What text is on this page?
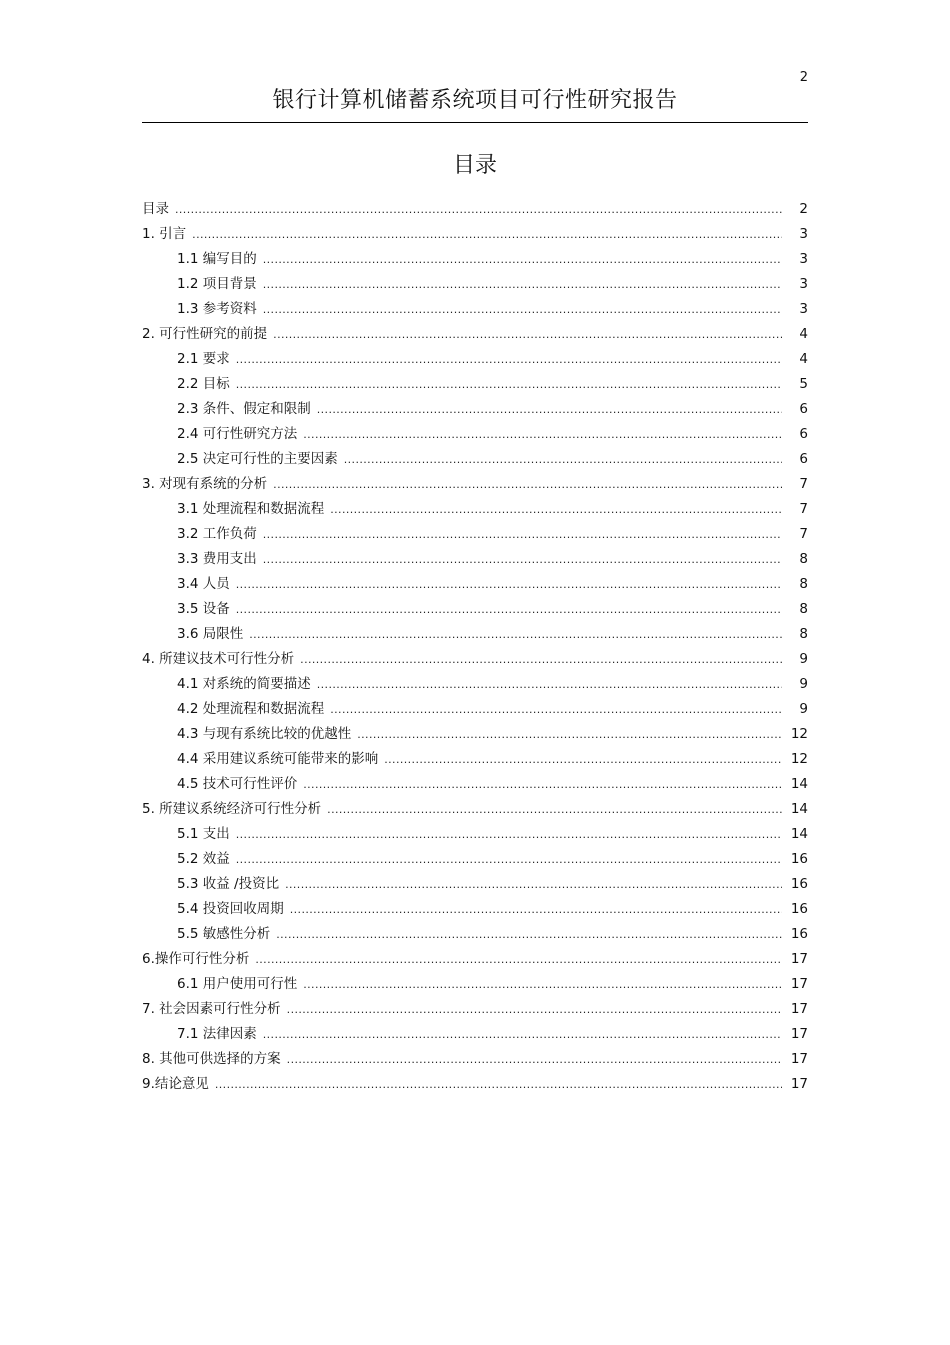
2
银行计算机储蓄系统项目可行性研究报告
目录
目录 .....	2
1. 引言 .....	3
1.1 编写目的 .....	3
1.2 项目背景 .....	3
1.3 参考资料 .....	3
2. 可行性研究的前提 .....	4
2.1 要求 .....	4
2.2 目标 .....	5
2.3 条件、假定和限制 .....	6
2.4 可行性研究方法 .....	6
2.5 决定可行性的主要因素 .....	6
3. 对现有系统的分析 .....	7
3.1 处理流程和数据流程 .....	7
3.2 工作负荷 .....	7
3.3 费用支出 .....	8
3.4 人员 .....	8
3.5 设备 .....	8
3.6 局限性 .....	8
4. 所建议技术可行性分析 .....	9
4.1 对系统的简要描述 .....	9
4.2 处理流程和数据流程 .....	9
4.3 与现有系统比较的优越性 .....	12
4.4 采用建议系统可能带来的影响 .....	12
4.5 技术可行性评价 .....	14
5. 所建议系统经济可行性分析 .....	14
5.1 支出 .....	14
5.2 效益 .....	16
5.3 收益 /投资比 .....	16
5.4 投资回收周期 .....	16
5.5 敏感性分析 .....	16
6.操作可行性分析 .....	17
6.1 用户使用可行性 .....	17
7. 社会因素可行性分析 .....	17
7.1 法律因素 .....	17
8. 其他可供选择的方案 .....	17
9.结论意见 .....	17
